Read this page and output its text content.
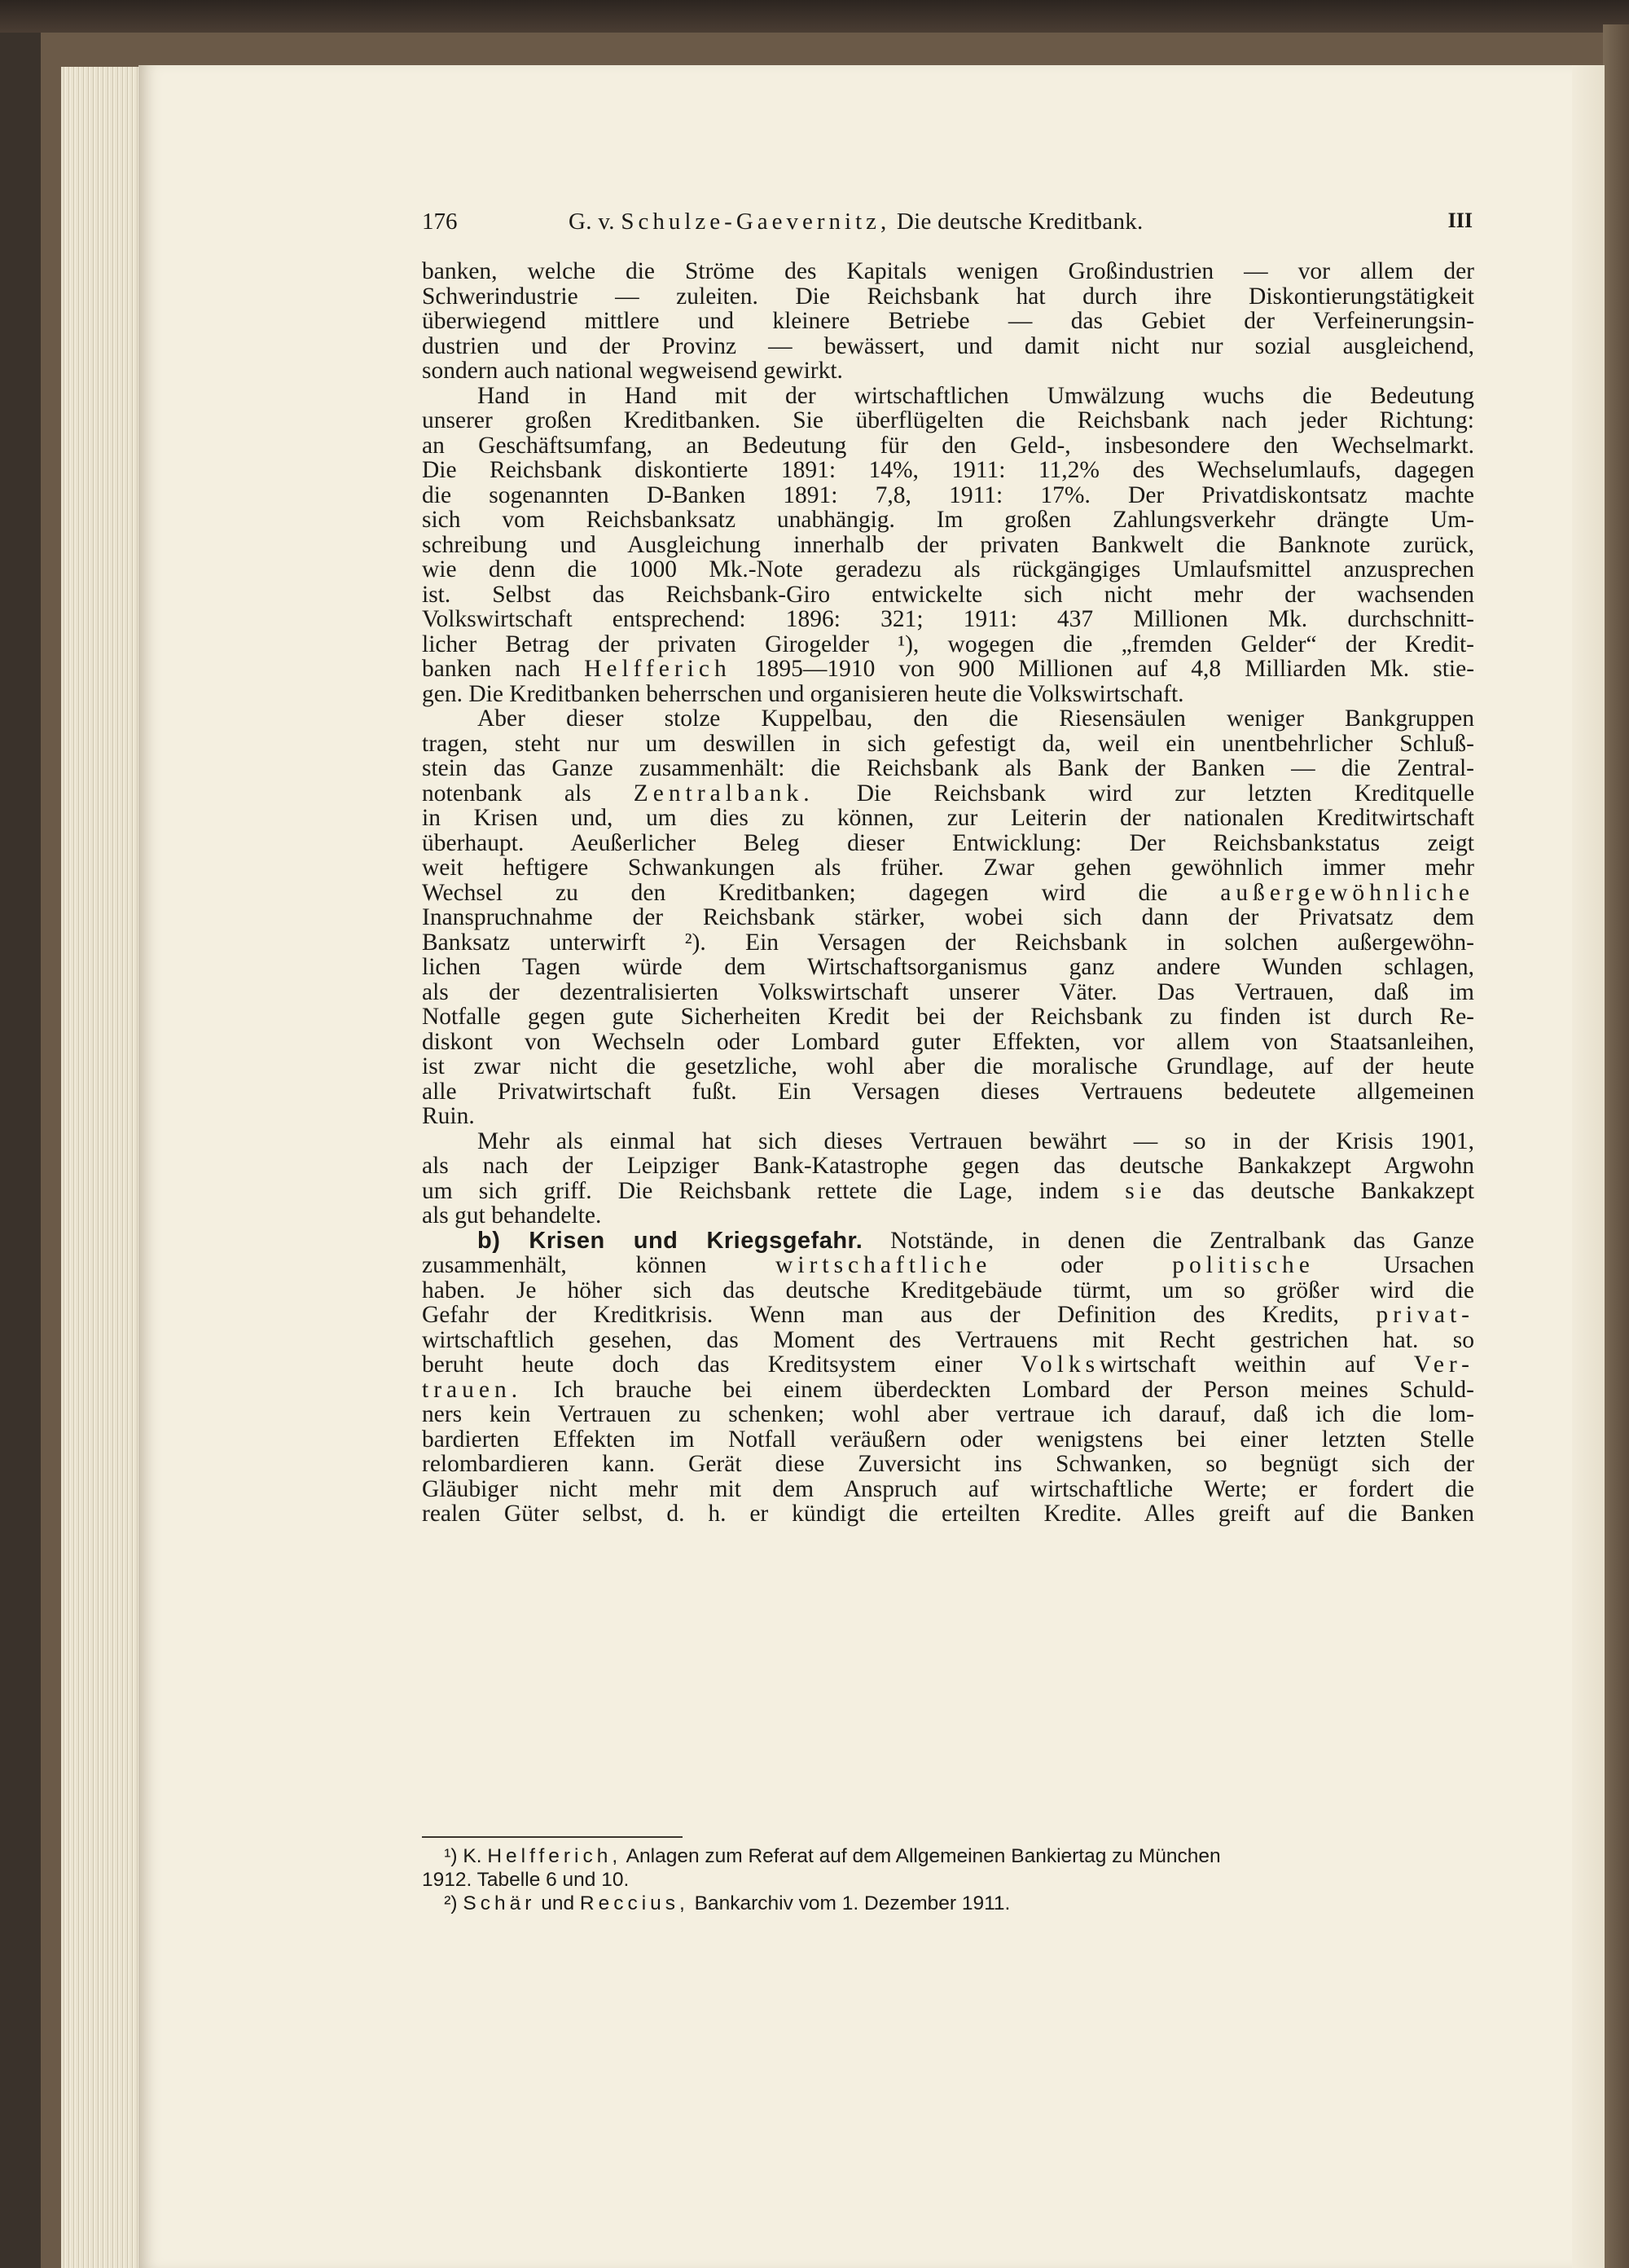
176	G. v. Schulze-Gaevernitz, Die deutsche Kreditbank.	III
banken, welche die Ströme des Kapitals wenigen Großindustrien — vor allem der
Schwerindustrie — zuleiten. Die Reichsbank hat durch ihre Diskontierungstätigkeit
überwiegend mittlere und kleinere Betriebe — das Gebiet der Verfeinerungsin-
dustrien und der Provinz — bewässert, und damit nicht nur sozial ausgleichend,
sondern auch national wegweisend gewirkt.
Hand in Hand mit der wirtschaftlichen Umwälzung wuchs die Bedeutung
unserer großen Kreditbanken. Sie überflügelten die Reichsbank nach jeder Richtung:
an Geschäftsumfang, an Bedeutung für den Geld-, insbesondere den Wechselmarkt.
Die Reichsbank diskontierte 1891: 14%, 1911: 11,2% des Wechselumlaufs, dagegen
die sogenannten D-Banken 1891: 7,8, 1911: 17%. Der Privatdiskontsatz machte
sich vom Reichsbanksatz unabhängig. Im großen Zahlungsverkehr drängte Um-
schreibung und Ausgleichung innerhalb der privaten Bankwelt die Banknote zurück,
wie denn die 1000 Mk.-Note geradezu als rückgängiges Umlaufsmittel anzusprechen
ist. Selbst das Reichsbank-Giro entwickelte sich nicht mehr der wachsenden
Volkswirtschaft entsprechend: 1896: 321; 1911: 437 Millionen Mk. durchschnitt-
licher Betrag der privaten Girogelder ¹), wogegen die „fremden Gelder“ der Kredit-
banken nach Helfferich 1895—1910 von 900 Millionen auf 4,8 Milliarden Mk. stie-
gen. Die Kreditbanken beherrschen und organisieren heute die Volkswirtschaft.
Aber dieser stolze Kuppelbau, den die Riesensäulen weniger Bankgruppen
tragen, steht nur um deswillen in sich gefestigt da, weil ein unentbehrlicher Schluß-
stein das Ganze zusammenhält: die Reichsbank als Bank der Banken — die Zentral-
notenbank als Zentralbank. Die Reichsbank wird zur letzten Kreditquelle
in Krisen und, um dies zu können, zur Leiterin der nationalen Kreditwirtschaft
überhaupt. Aeußerlicher Beleg dieser Entwicklung: Der Reichsbankstatus zeigt
weit heftigere Schwankungen als früher. Zwar gehen gewöhnlich immer mehr
Wechsel zu den Kreditbanken; dagegen wird die außergewöhnliche
Inanspruchnahme der Reichsbank stärker, wobei sich dann der Privatsatz dem
Banksatz unterwirft ²). Ein Versagen der Reichsbank in solchen außergewöhn-
lichen Tagen würde dem Wirtschaftsorganismus ganz andere Wunden schlagen,
als der dezentralisierten Volkswirtschaft unserer Väter. Das Vertrauen, daß im
Notfalle gegen gute Sicherheiten Kredit bei der Reichsbank zu finden ist durch Re-
diskont von Wechseln oder Lombard guter Effekten, vor allem von Staatsanleihen,
ist zwar nicht die gesetzliche, wohl aber die moralische Grundlage, auf der heute
alle Privatwirtschaft fußt. Ein Versagen dieses Vertrauens bedeutete allgemeinen
Ruin.
Mehr als einmal hat sich dieses Vertrauen bewährt — so in der Krisis 1901,
als nach der Leipziger Bank-Katastrophe gegen das deutsche Bankakzept Argwohn
um sich griff. Die Reichsbank rettete die Lage, indem sie das deutsche Bankakzept
als gut behandelte.
b) Krisen und Kriegsgefahr. Notstände, in denen die Zentralbank das Ganze
zusammenhält, können	wirtschaftliche	oder	politische	Ursachen
haben. Je höher sich das deutsche Kreditgebäude türmt, um so größer wird die
Gefahr der Kreditkrisis. Wenn man aus der Definition des Kredits, privat-
wirtschaftlich gesehen, das Moment des Vertrauens mit Recht gestrichen hat. so
beruht heute doch das Kreditsystem einer Volkswirtschaft weithin auf Ver-
trauen. Ich brauche bei einem überdeckten Lombard der Person meines Schuld-
ners kein Vertrauen zu schenken; wohl aber vertraue ich darauf, daß ich die lom-
bardierten Effekten im Notfall veräußern oder wenigstens bei einer letzten Stelle
relombardieren kann. Gerät diese Zuversicht ins Schwanken, so begnügt sich der
Gläubiger nicht mehr mit dem Anspruch auf wirtschaftliche Werte; er fordert die
realen Güter selbst, d. h. er kündigt die erteilten Kredite. Alles greift auf die Banken
¹) K. Helfferich, Anlagen zum Referat auf dem Allgemeinen Bankiertag zu München
1912. Tabelle 6 und 10.
²) Schär und Reccius, Bankarchiv vom 1. Dezember 1911.
